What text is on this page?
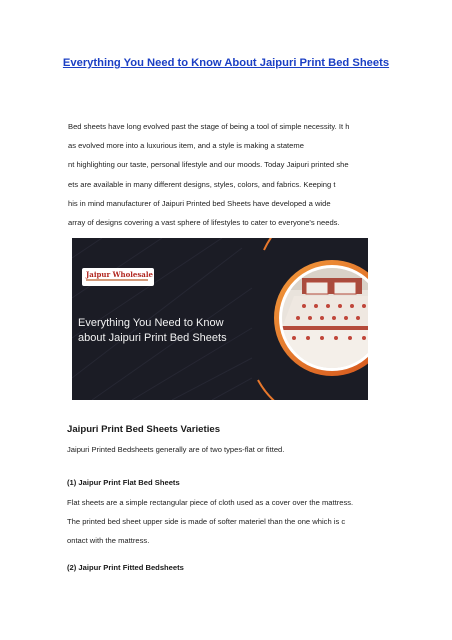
Everything You Need to Know About Jaipuri Print Bed Sheets

Bed sheets have long evolved past the stage of being a tool of simple necessity. It h

as evolved more into a luxurious item, and a style is making a stateme

nt highlighting our taste, personal lifestyle and our moods. Today Jaipuri printed she

ets are available in many different designs, styles, colors, and fabrics. Keeping t

his in mind manufacturer of Jaipuri Printed bed Sheets have developed a wide

array of designs covering a vast sphere of lifestyles to cater to everyone's needs.

Jaipur Wholesale
Everything You Need to Know
about Jaipuri Print Bed Sheets
Jaipuri Print Bed Sheets Varieties
Jaipuri Printed Bedsheets generally are of two types-flat or fitted.
(1) Jaipur Print Flat Bed Sheets
Flat sheets are a simple rectangular piece of cloth used as a cover over the mattress.
The printed bed sheet upper side is made of softer materiel than the one which is c
ontact with the mattress.
(2) Jaipur Print Fitted Bedsheets
